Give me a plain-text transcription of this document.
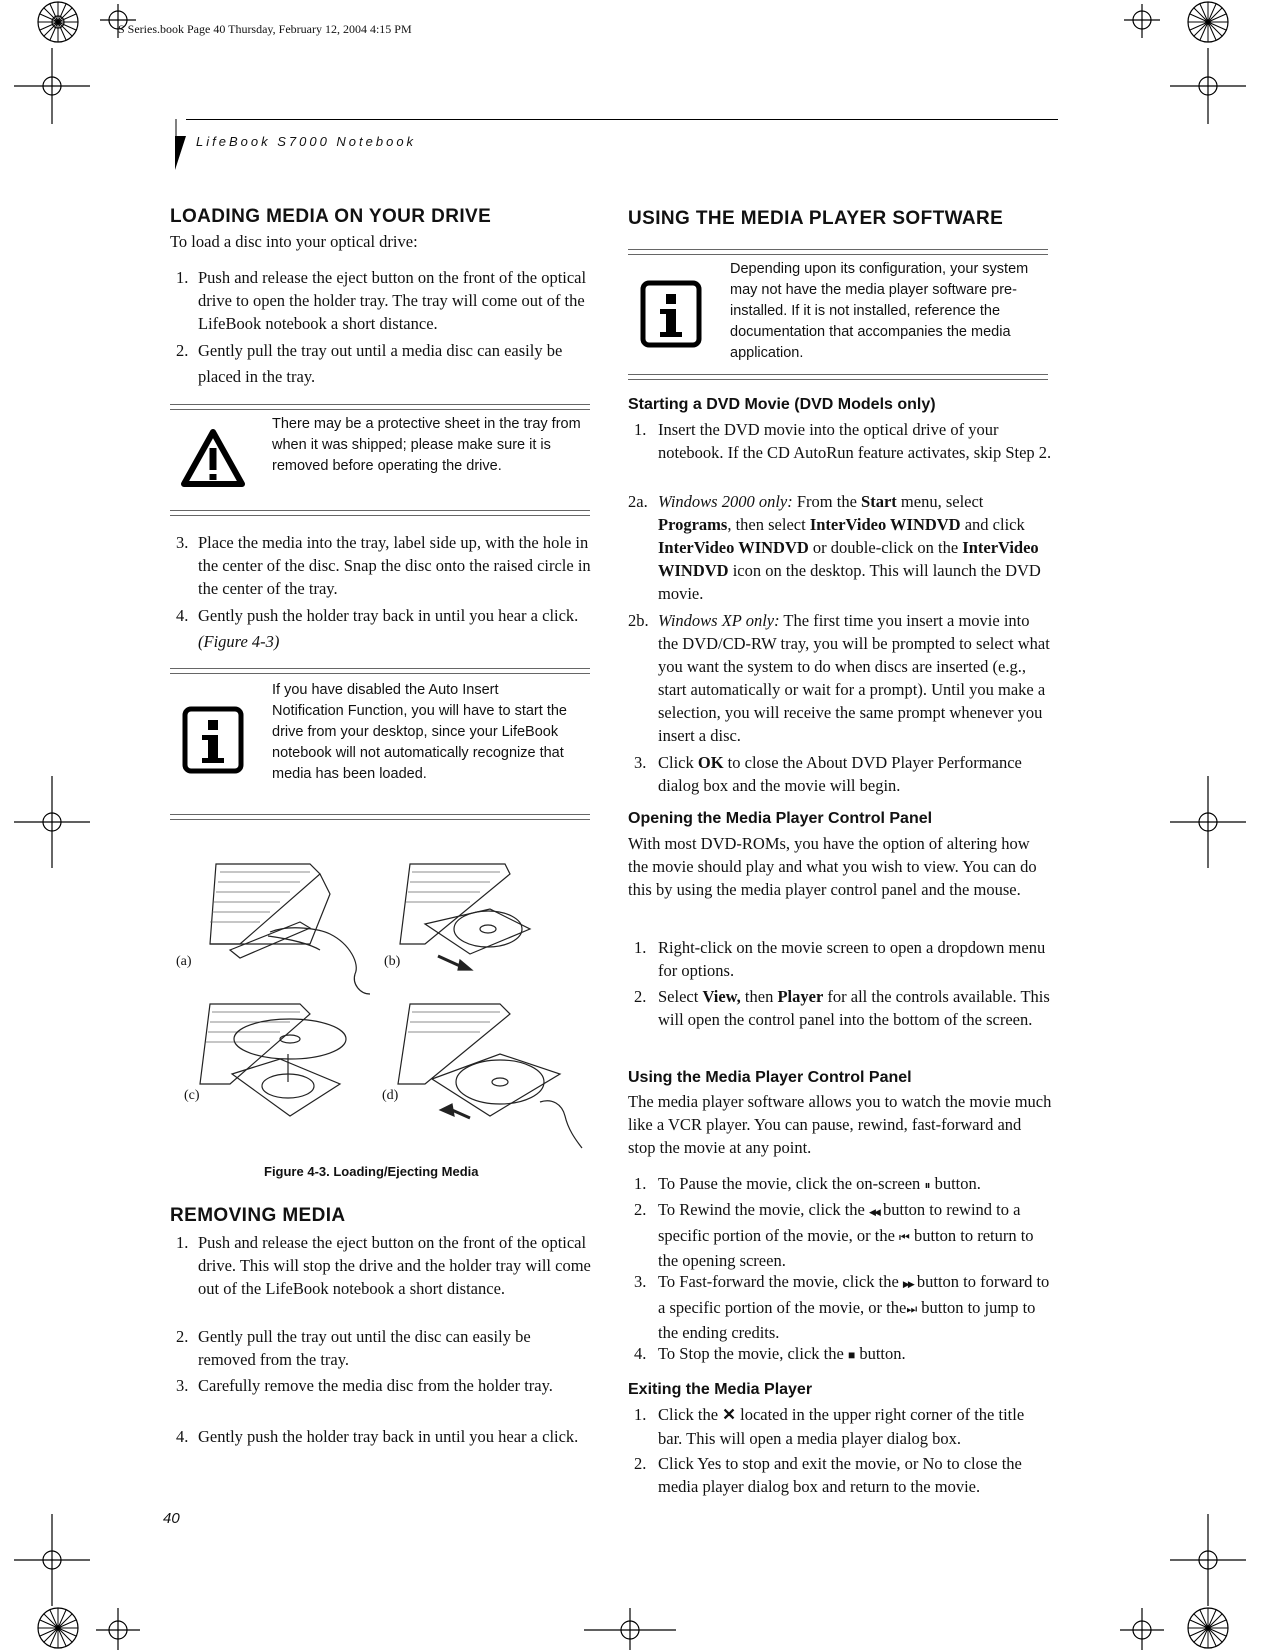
S Series.book Page 40 Thursday, February 12, 2004 4:15 PM
LifeBook S7000 Notebook
LOADING MEDIA ON YOUR DRIVE

To load a disc into your optical drive:

1. Push and release the eject button on the front of the optical drive to open the holder tray. The tray will come out of the LifeBook notebook a short distance.
2. Gently pull the tray out until a media disc can easily be placed in the tray.
There may be a protective sheet in the tray from when it was shipped; please make sure it is removed before operating the drive.
3. Place the media into the tray, label side up, with the hole in the center of the disc. Snap the disc onto the raised circle in the center of the tray.
4. Gently push the holder tray back in until you hear a click. (Figure 4-3)
If you have disabled the Auto Insert Notification Function, you will have to start the drive from your desktop, since your LifeBook notebook will not automatically recognize that media has been loaded.
(a)	(b)
(c)	(d)
Figure 4-3. Loading/Ejecting Media
REMOVING MEDIA
1. Push and release the eject button on the front of the optical drive. This will stop the drive and the holder tray will come out of the LifeBook notebook a short distance.
2. Gently pull the tray out until the disc can easily be removed from the tray.
3. Carefully remove the media disc from the holder tray.
4. Gently push the holder tray back in until you hear a click.
USING THE MEDIA PLAYER SOFTWARE
Depending upon its configuration, your system may not have the media player software pre-installed. If it is not installed, reference the documentation that accompanies the media application.
Starting a DVD Movie (DVD Models only)
1. Insert the DVD movie into the optical drive of your notebook. If the CD AutoRun feature activates, skip Step 2.
2a. Windows 2000 only: From the Start menu, select Programs, then select InterVideo WINDVD and click InterVideo WINDVD or double-click on the InterVideo WINDVD icon on the desktop. This will launch the DVD movie.
2b. Windows XP only: The first time you insert a movie into the DVD/CD-RW tray, you will be prompted to select what you want the system to do when discs are inserted (e.g., start automatically or wait for a prompt). Until you make a selection, you will receive the same prompt whenever you insert a disc.
3. Click OK to close the About DVD Player Performance dialog box and the movie will begin.
Opening the Media Player Control Panel

With most DVD-ROMs, you have the option of altering how the movie should play and what you wish to view. You can do this by using the media player control panel and the mouse.

1. Right-click on the movie screen to open a dropdown menu for options.
2. Select View, then Player for all the controls available. This will open the control panel into the bottom of the screen.
Using the Media Player Control Panel

The media player software allows you to watch the movie much like a VCR player. You can pause, rewind, fast-forward and stop the movie at any point.

1. To Pause the movie, click the on-screen ⏸ button.
2. To Rewind the movie, click the ◀◀ button to rewind to a specific portion of the movie, or the ⏮ button to return to the opening screen.
3. To Fast-forward the movie, click the ▶▶ button to forward to a specific portion of the movie, or the⏭ button to jump to the ending credits.
4. To Stop the movie, click the ■ button.
Exiting the Media Player
1. Click the ✕ located in the upper right corner of the title bar. This will open a media player dialog box.
2. Click Yes to stop and exit the movie, or No to close the media player dialog box and return to the movie.
40
